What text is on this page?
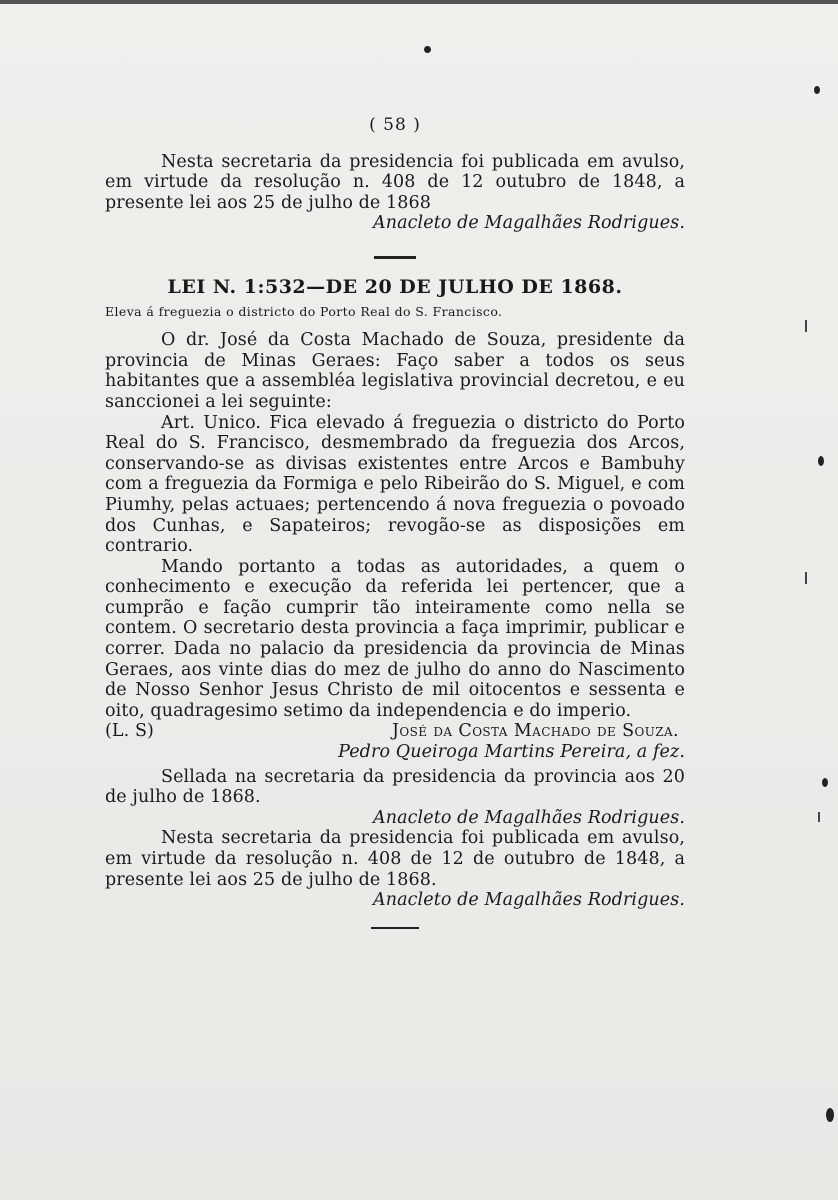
( 58 )

Nesta secretaria da presidencia foi publicada em avulso, em virtude da resolução n. 408 de 12 outubro de 1848, a presente lei aos 25 de julho de 1868

Anacleto de Magalhães Rodrigues.

LEI N. 1:532—DE 20 DE JULHO DE 1868.
Eleva á freguezia o districto do Porto Real do S. Francisco.

O dr. José da Costa Machado de Souza, presidente da provincia de Minas Geraes: Faço saber a todos os seus habitantes que a assembléa legislativa provincial decretou, e eu sanccionei a lei seguinte:

Art. Unico. Fica elevado á freguezia o districto do Porto Real do S. Francisco, desmembrado da freguezia dos Arcos, conservando-se as divisas existentes entre Arcos e Bambuhy com a freguezia da Formiga e pelo Ribeirão do S. Miguel, e com Piumhy, pelas actuaes; pertencendo á nova freguezia o povoado dos Cunhas, e Sapateiros; revogão-se as disposições em contrario.

Mando portanto a todas as autoridades, a quem o conhecimento e execução da referida lei pertencer, que a cumprão e fação cumprir tão inteiramente como nella se contem. O secretario desta provincia a faça imprimir, publicar e correr. Dada no palacio da presidencia da provincia de Minas Geraes, aos vinte dias do mez de julho do anno do Nascimento de Nosso Senhor Jesus Christo de mil oitocentos e sessenta e oito, quadragesimo setimo da independencia e do imperio.

(L. S)	José da Costa Machado de Souza.

Pedro Queiroga Martins Pereira, a fez.

Sellada na secretaria da presidencia da provincia aos 20 de julho de 1868.

Anacleto de Magalhães Rodrigues.

Nesta secretaria da presidencia foi publicada em avulso, em virtude da resolução n. 408 de 12 de outubro de 1848, a presente lei aos 25 de julho de 1868.

Anacleto de Magalhães Rodrigues.
